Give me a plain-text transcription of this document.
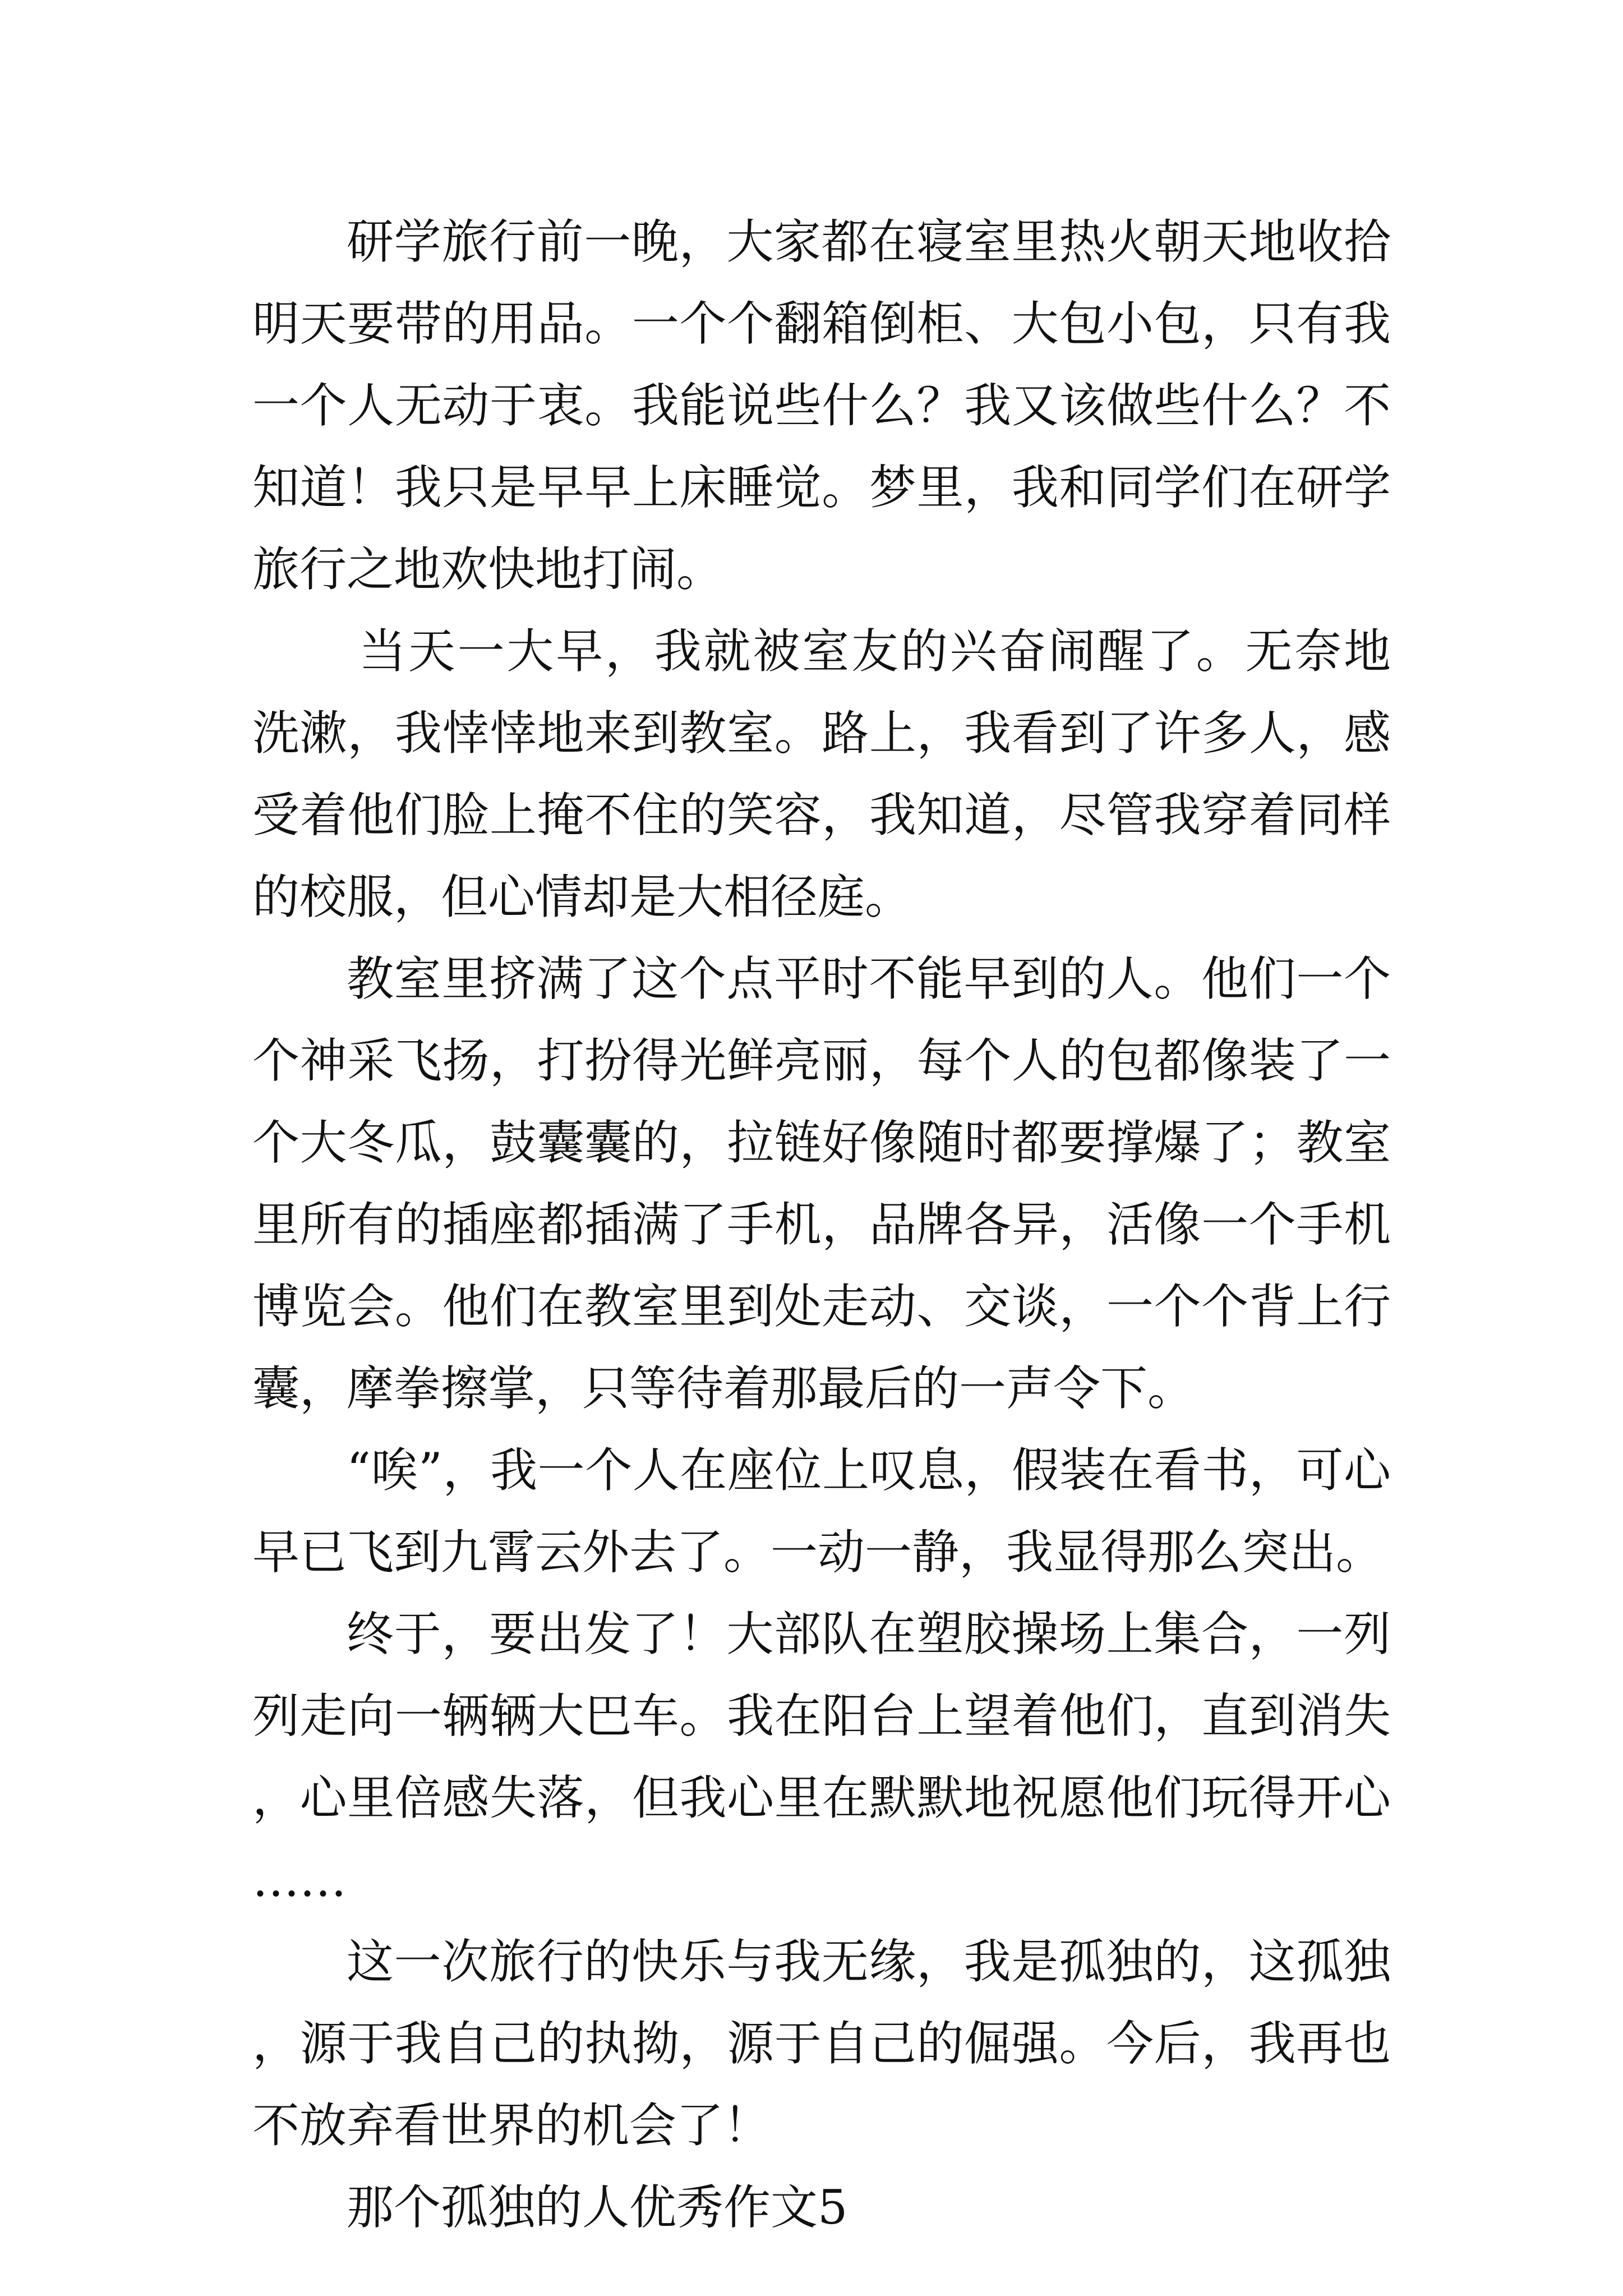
研学旅行前一晚，大家都在寝室里热火朝天地收拾明天要带的用品。一个个翻箱倒柜、大包小包，只有我一个人无动于衷。我能说些什么？我又该做些什么？不知道！我只是早早上床睡觉。梦里，我和同学们在研学旅行之地欢快地打闹。

当天一大早，我就被室友的兴奋闹醒了。无奈地洗漱，我悻悻地来到教室。路上，我看到了许多人，感受着他们脸上掩不住的笑容，我知道，尽管我穿着同样的校服，但心情却是大相径庭。

教室里挤满了这个点平时不能早到的人。他们一个个神采飞扬，打扮得光鲜亮丽，每个人的包都像装了一个大冬瓜，鼓囊囊的，拉链好像随时都要撑爆了；教室里所有的插座都插满了手机，品牌各异，活像一个手机博览会。他们在教室里到处走动、交谈，一个个背上行囊，摩拳擦掌，只等待着那最后的一声令下。

“唉”，我一个人在座位上叹息，假装在看书，可心早已飞到九霄云外去了。一动一静，我显得那么突出。

终于，要出发了！大部队在塑胶操场上集合，一列列走向一辆辆大巴车。我在阳台上望着他们，直到消失，心里倍感失落，但我心里在默默地祝愿他们玩得开心……

这一次旅行的快乐与我无缘，我是孤独的，这孤独，源于我自己的执拗，源于自己的倔强。今后，我再也不放弃看世界的机会了！

那个孤独的人优秀作文5
